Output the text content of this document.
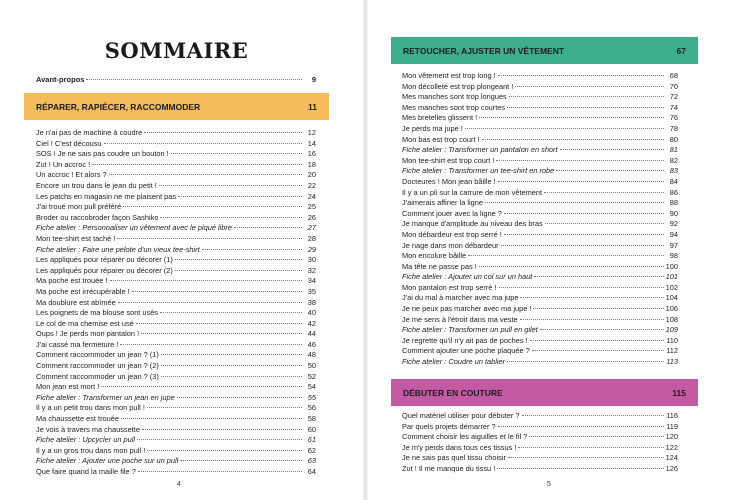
SOMMAIRE
Avant-propos	9
RÉPARER, RAPIÉCER, RACCOMMODER	11
Je n'ai pas de machine à coudre	12
Ciel ! C'est décousu	14
SOS ! Je ne sais pas coudre un bouton !	16
Zut ! Un accroc !	18
Un accroc ! Et alors ?	20
Encore un trou dans le jean du petit !	22
Les patchs en magasin ne me plaisent pas	24
J'ai troué mon pull préféré	25
Broder ou raccobroder façon Sashiko	26
Fiche atelier : Personnaliser un vêtement avec le piqué libre	27
Mon tee-shirt est taché !	28
Fiche atelier : Faire une pelote d'un vieux tee-shirt	29
Les appliqués pour réparer ou décorer (1)	30
Les appliqués pour réparer ou décorer (2)	32
Ma poche est trouée !	34
Ma poche est irrécupérable !	35
Ma doublure est abîmée	38
Les poignets de ma blouse sont usés	40
Le col de ma chemise est usé	42
Oups ! Je perds mon pantalon !	44
J'ai cassé ma fermeture !	46
Comment raccommoder un jean ? (1)	48
Comment raccommoder un jean ? (2)	50
Comment raccommoder un jean ? (3)	52
Mon jean est mort !	54
Fiche atelier : Transformer un jean en jupe	55
Il y a un petit trou dans mon pull !	56
Ma chaussette est trouée	58
Je vois à travers ma chaussette	60
Fiche atelier : Upcycler un pull	61
Il y a un gros trou dans mon pull !	62
Fiche atelier : Ajouter une poche sur un pull	63
Que faire quand la maille file ?	64
4
RETOUCHER, AJUSTER UN VÊTEMENT	67
Mon vêtement est trop long !	68
Mon décolleté est trop plongeant !	70
Mes manches sont trop longues	72
Mes manches sont trop courtes	74
Mes bretelles glissent !	76
Je perds ma jupe !	78
Mon bas est trop court !	80
Fiche atelier : Transformer un pantalon en short	81
Mon tee-shirt est trop court !	82
Fiche atelier : Transformer un tee-shirt en robe	83
Docteures ! Mon jean bâille !	84
Il y a un pli sur la carrure de mon vêtement	86
J'aimerais affiner la ligne	88
Comment jouer avec la ligne ?	90
Je manque d'amplitude au niveau des bras	92
Mon débardeur est trop serré !	94
Je nage dans mon débardeur	97
Mon encolure bâille	98
Ma tête ne passe pas !	100
Fiche atelier : Ajouter un col sur un haut	101
Mon pantalon est trop serré !	102
J'ai du mal à marcher avec ma jupe	104
Je ne peux pas marcher avec ma jupe !	106
Je me sens à l'étroit dans ma veste	108
Fiche atelier : Transformer un pull en gilet	109
Je regrette qu'il n'y ait pas de poches !	110
Comment ajouter une poche plaquée ?	112
Fiche atelier : Coudre un tablier	113
DÉBUTER EN COUTURE	115
Quel matériel utiliser pour débuter ?	116
Par quels projets démarrer ?	119
Comment choisir les aiguilles et le fil ?	120
Je m'y perds dans tous ces tissus !	122
Je ne sais pas quel tissu choisir	124
Zut ! Il me manque du tissu !	126
5
